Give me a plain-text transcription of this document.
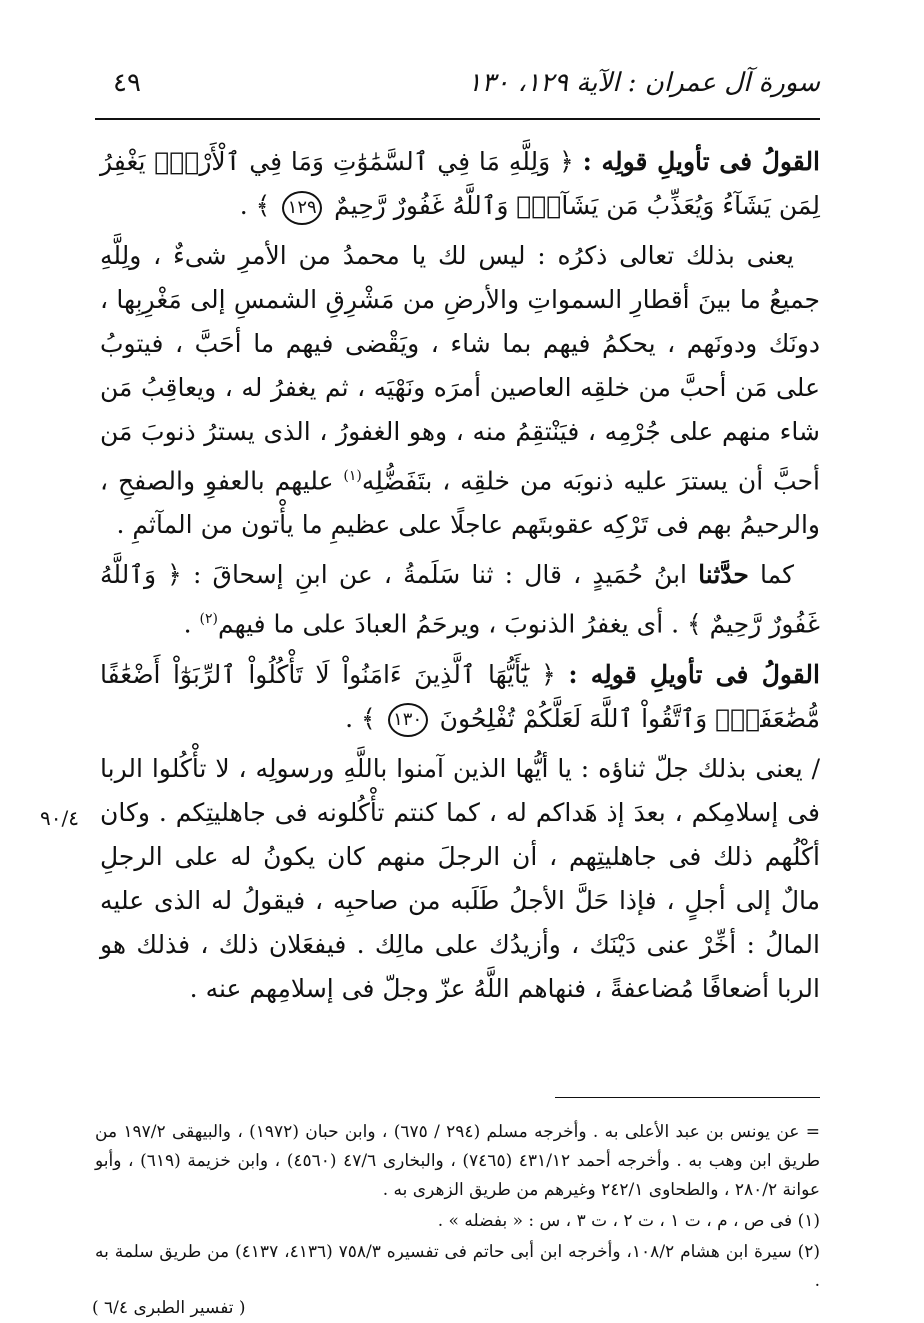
سورة آل عمران : الآية ١٢٩، ١٣٠
٤٩

القولُ فى تأويلِ قولِه : ﴿ وَلِلَّهِ مَا فِي ٱلسَّمَٰوَٰتِ وَمَا فِي ٱلْأَرْضِۚ يَغْفِرُ لِمَن يَشَآءُ وَيُعَذِّبُ مَن يَشَآءُۚ وَٱللَّهُ غَفُورٌ رَّحِيمٌ ١٢٩ ﴾ .

يعنى بذلك تعالى ذكرُه : ليس لك يا محمدُ من الأمرِ شىءٌ ، ولِلَّهِ جميعُ ما بينَ أقطارِ السمواتِ والأرضِ من مَشْرِقِ الشمسِ إلى مَغْرِبِها ، دونَك ودونَهم ، يحكمُ فيهم بما شاء ، ويَقْضى فيهم ما أحَبَّ ، فيتوبُ على مَن أحبَّ من خلقِه العاصين أمرَه ونَهْيَه ، ثم يغفرُ له ، ويعاقِبُ مَن شاء منهم على جُرْمِه ، فيَنْتقِمُ منه ، وهو الغفورُ ، الذى يسترُ ذنوبَ مَن أحبَّ أن يسترَ عليه ذنوبَه من خلقِه ، بتَفَضُّلِه$^{(١)}$ عليهم بالعفوِ والصفحِ ، والرحيمُ بهم فى تَرْكِه عقوبتَهم عاجلًا على عظيمِ ما يأْتون من المآثمِ .

كما حدَّثنا ابنُ حُمَيدٍ ، قال : ثنا سَلَمةُ ، عن ابنِ إسحاقَ : ﴿ وَٱللَّهُ غَفُورٌ رَّحِيمٌ ﴾ . أى يغفرُ الذنوبَ ، ويرحَمُ العبادَ على ما فيهم$^{(٢)}$ .

القولُ فى تأويلِ قولِه : ﴿ يَٰٓأَيُّهَا ٱلَّذِينَ ءَامَنُواْ لَا تَأْكُلُواْ ٱلرِّبَوٰٓاْ أَضْعَٰفًا مُّضَٰعَفَةًۖ وَٱتَّقُواْ ٱللَّهَ لَعَلَّكُمْ تُفْلِحُونَ ١٣٠ ﴾ .

/ يعنى بذلك جلّ ثناؤه : يا أيُّها الذين آمنوا باللَّهِ ورسولِه ، لا تأْكُلوا الربا فى إسلامِكم ، بعدَ إذ هَداكم له ، كما كنتم تأْكُلونه فى جاهليتِكم . وكان أكْلُهم ذلك فى جاهليتِهم ، أن الرجلَ منهم كان يكونُ له على الرجلِ مالٌ إلى أجلٍ ، فإذا حَلَّ الأجلُ طَلَبه من صاحبِه ، فيقولُ له الذى عليه المالُ : أخِّرْ عنى دَيْنَك ، وأزيدُك على مالِك . فيفعَلان ذلك ، فذلك هو الربا أضعافًا مُضاعفةً ، فنهاهم اللَّهُ عزّ وجلّ فى إسلامِهم عنه .

٩٠/٤

= عن يونس بن عبد الأعلى به . وأخرجه مسلم (٢٩٤ / ٦٧٥) ، وابن حبان (١٩٧٢) ، والبيهقى ١٩٧/٢ من طريق ابن وهب به . وأخرجه أحمد ٤٣١/١٢ (٧٤٦٥) ، والبخارى ٤٧/٦ (٤٥٦٠) ، وابن خزيمة (٦١٩) ، وأبو عوانة ٢٨٠/٢ ، والطحاوى ٢٤٢/١ وغيرهم من طريق الزهرى به .

(١) فى ص ، م ، ت ١ ، ت ٢ ، ت ٣ ، س : « بفضله » .

(٢) سيرة ابن هشام ١٠٨/٢، وأخرجه ابن أبى حاتم فى تفسيره ٧٥٨/٣ (٤١٣٦، ٤١٣٧) من طريق سلمة به .

( تفسير الطبرى ٦/٤ )
